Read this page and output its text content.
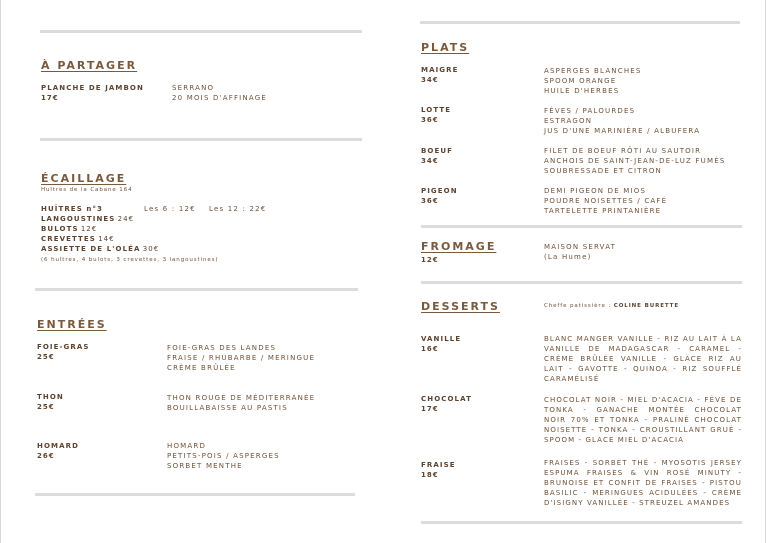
À PARTAGER
PLANCHE DE JAMBON
17€
SERRANO
20 MOIS D'AFFINAGE
ÉCAILLAGE
Huîtres de la Cabane 164
HUÎTRES n°3	Les 6 : 12€ Les 12 : 22€
LANGOUSTINES 24€
BULOTS 12€
CREVETTES 14€
ASSIETTE DE L'OLÉA 30€
(6 huîtres, 4 bulots, 3 crevettes, 3 langoustines)
ENTRÉES
FOIE-GRAS
25€
FOIE-GRAS DES LANDES
FRAISE / RHUBARBE / MERINGUE
CRÈME BRÛLÉE
THON
25€
THON ROUGE DE MÉDITERRANÉE
BOUILLABAISSE AU PASTIS
HOMARD
26€
HOMARD
PETITS-POIS / ASPERGES
SORBET MENTHE
PLATS
MAIGRE
34€
ASPERGES BLANCHES
SPOOM ORANGE
HUILE D'HERBES
LOTTE
36€
FÈVES / PALOURDES
ESTRAGON
JUS D'UNE MARINIÈRE / ALBUFERA
BOEUF
34€
FILET DE BOEUF RÔTI AU SAUTOIR
ANCHOIS DE SAINT-JEAN-DE-LUZ FUMÉS
SOUBRESSADE ET CITRON
PIGEON
36€
DEMI PIGEON DE MIOS
POUDRE NOISETTES / CAFÉ
TARTELETTE PRINTANIÈRE
FROMAGE
12€
MAISON SERVAT
(La Hume)
DESSERTS	Cheffe patissière : COLINE BURETTE
VANILLE
16€
BLANC MANGER VANILLE - RIZ AU LAIT À LA VANILLE DE MADAGASCAR - CARAMEL - CRÈME BRÛLÉE VANILLE - GLACE RIZ AU LAIT - GAVOTTE - QUINOA - RIZ SOUFFLÉ CARAMÉLISÉ
CHOCOLAT
17€
CHOCOLAT NOIR - MIEL D'ACACIA - FÈVE DE TONKA - GANACHE MONTÉE CHOCOLAT NOIR 70% ET TONKA - PRALINÉ CHOCOLAT NOISETTE - TONKA - CROUSTILLANT GRUÉ - SPOOM - GLACE MIEL D'ACACIA
FRAISE
18€
FRAISES - SORBET THÉ - MYOSOTIS JERSEY ESPUMA FRAISES & VIN ROSÉ MINUTY - BRUNOISE ET CONFIT DE FRAISES - PISTOU BASILIC - MERINGUES ACIDULÉES - CRÈME D'ISIGNY VANILLÉE - STREUZEL AMANDES
